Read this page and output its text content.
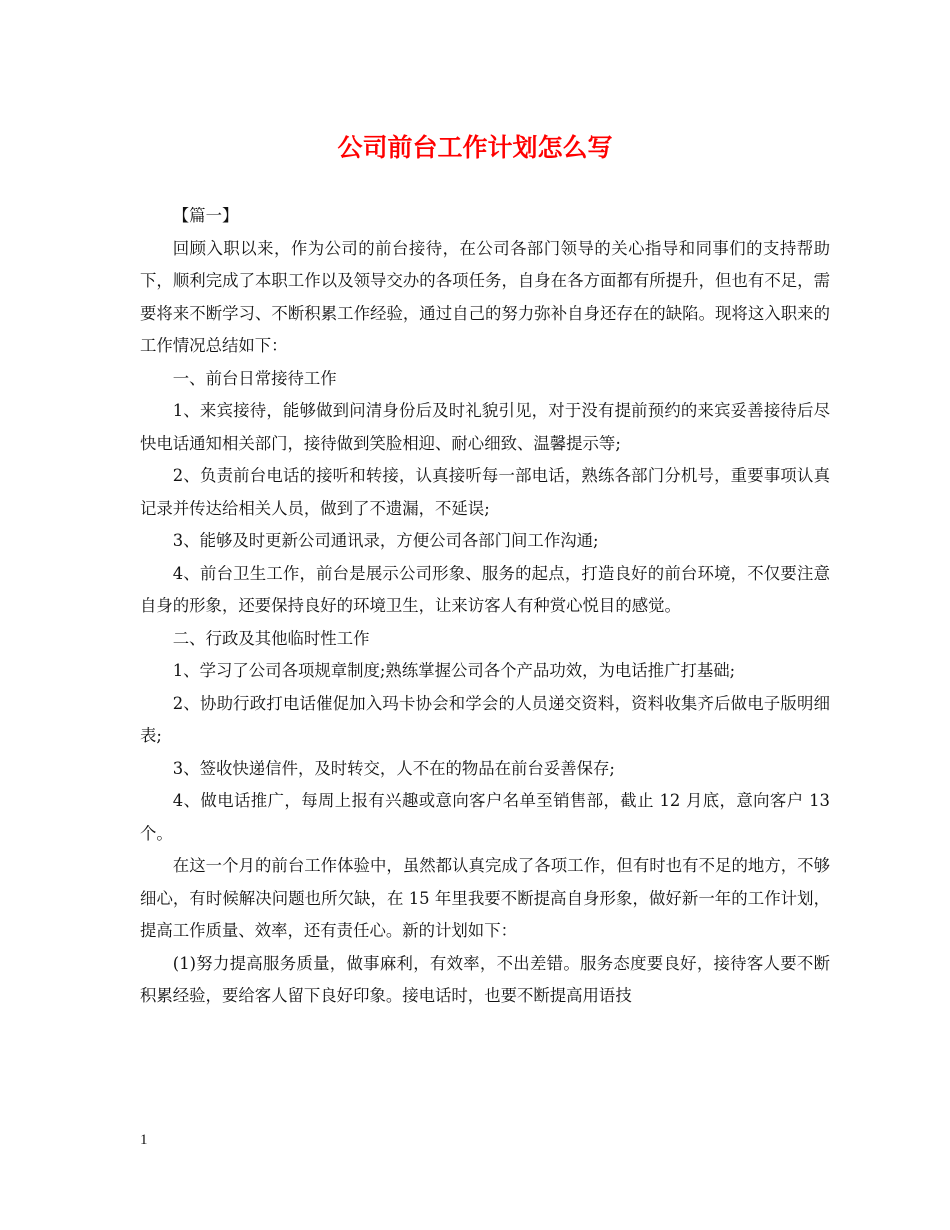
公司前台工作计划怎么写

【篇一】

回顾入职以来，作为公司的前台接待，在公司各部门领导的关心指导和同事们的支持帮助下，顺利完成了本职工作以及领导交办的各项任务，自身在各方面都有所提升，但也有不足，需要将来不断学习、不断积累工作经验，通过自己的努力弥补自身还存在的缺陷。现将这入职来的工作情况总结如下：

一、前台日常接待工作

1、来宾接待，能够做到问清身份后及时礼貌引见，对于没有提前预约的来宾妥善接待后尽快电话通知相关部门，接待做到笑脸相迎、耐心细致、温馨提示等;

2、负责前台电话的接听和转接，认真接听每一部电话，熟练各部门分机号，重要事项认真记录并传达给相关人员，做到了不遗漏，不延误;

3、能够及时更新公司通讯录，方便公司各部门间工作沟通;

4、前台卫生工作，前台是展示公司形象、服务的起点，打造良好的前台环境，不仅要注意自身的形象，还要保持良好的环境卫生，让来访客人有种赏心悦目的感觉。

二、行政及其他临时性工作

1、学习了公司各项规章制度;熟练掌握公司各个产品功效，为电话推广打基础;

2、协助行政打电话催促加入玛卡协会和学会的人员递交资料，资料收集齐后做电子版明细表;

3、签收快递信件，及时转交，人不在的物品在前台妥善保存;

4、做电话推广，每周上报有兴趣或意向客户名单至销售部，截止 12 月底，意向客户 13 个。

在这一个月的前台工作体验中，虽然都认真完成了各项工作，但有时也有不足的地方，不够细心，有时候解决问题也所欠缺，在 15 年里我要不断提高自身形象，做好新一年的工作计划，提高工作质量、效率，还有责任心。新的计划如下：

(1)努力提高服务质量，做事麻利，有效率，不出差错。服务态度要良好，接待客人要不断积累经验，要给客人留下良好印象。接电话时，也要不断提高用语技

1
